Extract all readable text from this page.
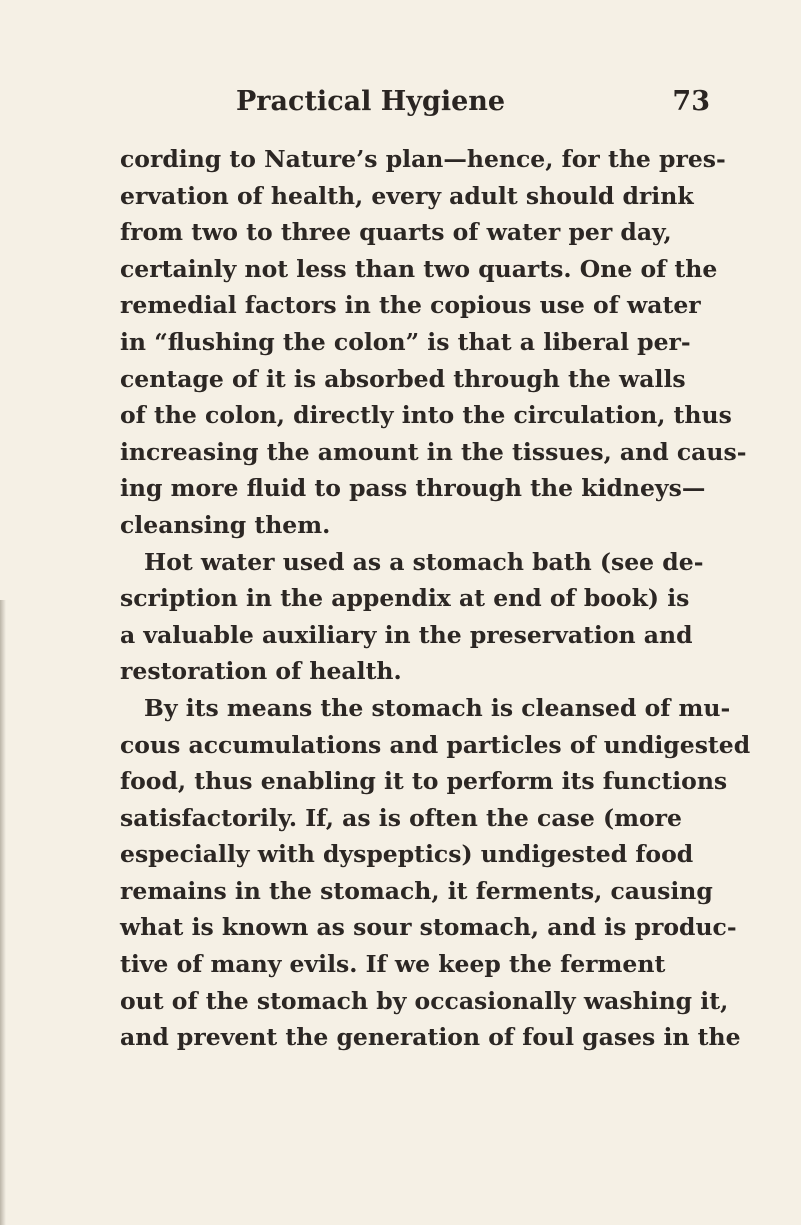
Practical Hygiene	73
cording to Nature’s plan—hence, for the pres-
ervation of health, every adult should drink
from two to three quarts of water per day,
certainly not less than two quarts. One of the
remedial factors in the copious use of water
in “flushing the colon” is that a liberal per-
centage of it is absorbed through the walls
of the colon, directly into the circulation, thus
increasing the amount in the tissues, and caus-
ing more fluid to pass through the kidneys—
cleansing them.
Hot water used as a stomach bath (see de-
scription in the appendix at end of book) is
a valuable auxiliary in the preservation and
restoration of health.
By its means the stomach is cleansed of mu-
cous accumulations and particles of undigested
food, thus enabling it to perform its functions
satisfactorily. If, as is often the case (more
especially with dyspeptics) undigested food
remains in the stomach, it ferments, causing
what is known as sour stomach, and is produc-
tive of many evils. If we keep the ferment
out of the stomach by occasionally washing it,
and prevent the generation of foul gases in the
